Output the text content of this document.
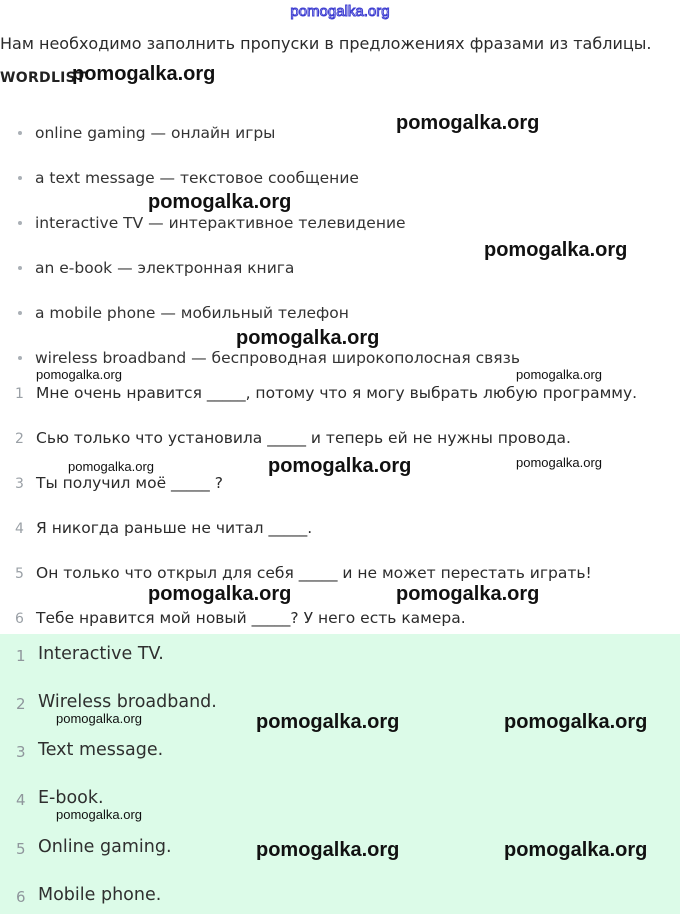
pomogalka.org
Нам необходимо заполнить пропуски в предложениях фразами из таблицы.
WORDLIST
online gaming — онлайн игры
a text message — текстовое сообщение
interactive TV — интерактивное телевидение
an e-book — электронная книга
a mobile phone — мобильный телефон
wireless broadband — беспроводная широкополосная связь
1 Мне очень нравится _____, потому что я могу выбрать любую программу.
2 Сью только что установила _____ и теперь ей не нужны провода.
3 Ты получил моё _____ ?
4 Я никогда раньше не читал _____.
5 Он только что открыл для себя _____ и не может перестать играть!
6 Тебе нравится мой новый _____? У него есть камера.
1 Interactive TV.
2 Wireless broadband.
3 Text message.
4 E-book.
5 Online gaming.
6 Mobile phone.
pomogalka.org
pomogalka.org
pomogalka.org
pomogalka.org
pomogalka.org
pomogalka.org	pomogalka.org
pomogalka.org	pomogalka.org	pomogalka.org
pomogalka.org	pomogalka.org
pomogalka.org	pomogalka.org	pomogalka.org
pomogalka.org
pomogalka.org	pomogalka.org
